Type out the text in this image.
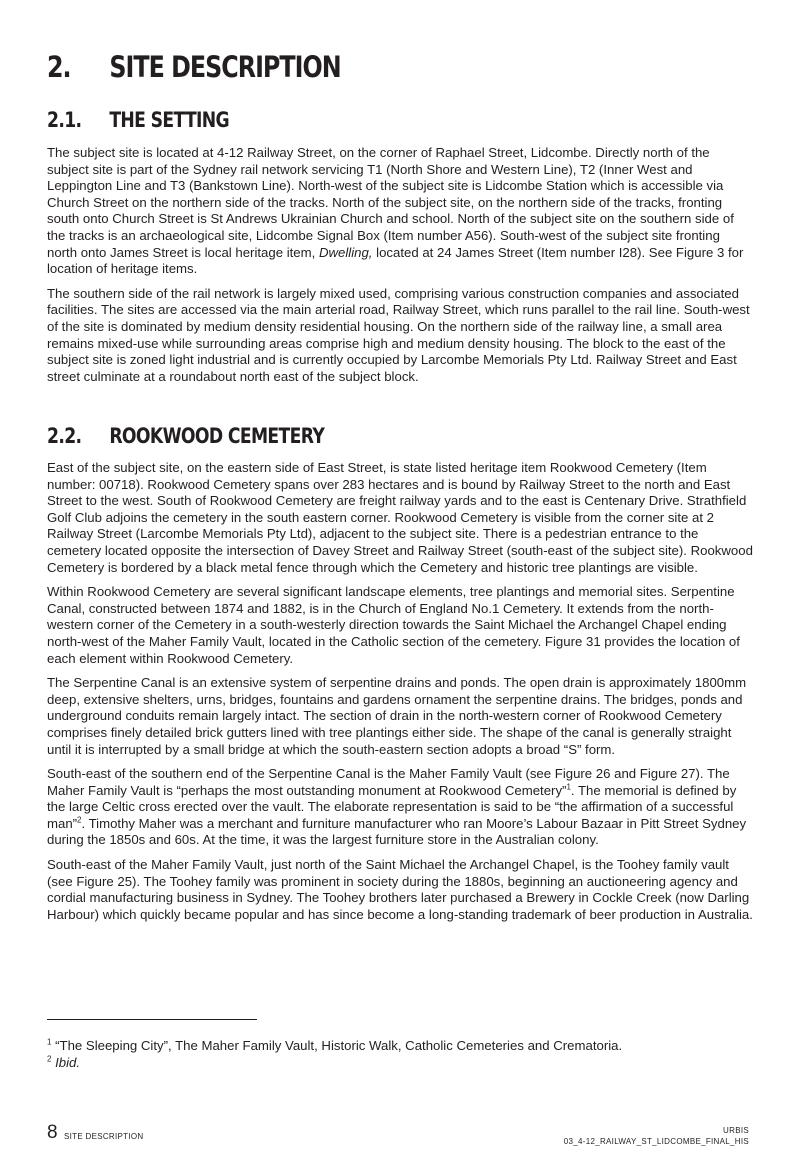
2. SITE DESCRIPTION
2.1. THE SETTING

The subject site is located at 4-12 Railway Street, on the corner of Raphael Street, Lidcombe. Directly north of the subject site is part of the Sydney rail network servicing T1 (North Shore and Western Line), T2 (Inner West and Leppington Line and T3 (Bankstown Line). North-west of the subject site is Lidcombe Station which is accessible via Church Street on the northern side of the tracks. North of the subject site, on the northern side of the tracks, fronting south onto Church Street is St Andrews Ukrainian Church and school. North of the subject site on the southern side of the tracks is an archaeological site, Lidcombe Signal Box (Item number A56). South-west of the subject site fronting north onto James Street is local heritage item, Dwelling, located at 24 James Street (Item number I28). See Figure 3 for location of heritage items.

The southern side of the rail network is largely mixed used, comprising various construction companies and associated facilities. The sites are accessed via the main arterial road, Railway Street, which runs parallel to the rail line. South-west of the site is dominated by medium density residential housing. On the northern side of the railway line, a small area remains mixed-use while surrounding areas comprise high and medium density housing. The block to the east of the subject site is zoned light industrial and is currently occupied by Larcombe Memorials Pty Ltd. Railway Street and East street culminate at a roundabout north east of the subject block.

2.2. ROOKWOOD CEMETERY

East of the subject site, on the eastern side of East Street, is state listed heritage item Rookwood Cemetery (Item number: 00718). Rookwood Cemetery spans over 283 hectares and is bound by Railway Street to the north and East Street to the west. South of Rookwood Cemetery are freight railway yards and to the east is Centenary Drive. Strathfield Golf Club adjoins the cemetery in the south eastern corner. Rookwood Cemetery is visible from the corner site at 2 Railway Street (Larcombe Memorials Pty Ltd), adjacent to the subject site. There is a pedestrian entrance to the cemetery located opposite the intersection of Davey Street and Railway Street (south-east of the subject site). Rookwood Cemetery is bordered by a black metal fence through which the Cemetery and historic tree plantings are visible.

Within Rookwood Cemetery are several significant landscape elements, tree plantings and memorial sites. Serpentine Canal, constructed between 1874 and 1882, is in the Church of England No.1 Cemetery. It extends from the north-western corner of the Cemetery in a south-westerly direction towards the Saint Michael the Archangel Chapel ending north-west of the Maher Family Vault, located in the Catholic section of the cemetery. Figure 31 provides the location of each element within Rookwood Cemetery.

The Serpentine Canal is an extensive system of serpentine drains and ponds. The open drain is approximately 1800mm deep, extensive shelters, urns, bridges, fountains and gardens ornament the serpentine drains. The bridges, ponds and underground conduits remain largely intact. The section of drain in the north-western corner of Rookwood Cemetery comprises finely detailed brick gutters lined with tree plantings either side. The shape of the canal is generally straight until it is interrupted by a small bridge at which the south-eastern section adopts a broad “S” form.

South-east of the southern end of the Serpentine Canal is the Maher Family Vault (see Figure 26 and Figure 27). The Maher Family Vault is “perhaps the most outstanding monument at Rookwood Cemetery”$^1$. The memorial is defined by the large Celtic cross erected over the vault. The elaborate representation is said to be “the affirmation of a successful man”$^2$. Timothy Maher was a merchant and furniture manufacturer who ran Moore’s Labour Bazaar in Pitt Street Sydney during the 1850s and 60s. At the time, it was the largest furniture store in the Australian colony.

South-east of the Maher Family Vault, just north of the Saint Michael the Archangel Chapel, is the Toohey family vault (see Figure 25). The Toohey family was prominent in society during the 1880s, beginning an auctioneering agency and cordial manufacturing business in Sydney. The Toohey brothers later purchased a Brewery in Cockle Creek (now Darling Harbour) which quickly became popular and has since become a long-standing trademark of beer production in Australia.

$^1$ “The Sleeping City”, The Maher Family Vault, Historic Walk, Catholic Cemeteries and Crematoria.
$^2$ Ibid.
8 SITE DESCRIPTION
URBIS
03_4-12_RAILWAY_ST_LIDCOMBE_FINAL_HIS
